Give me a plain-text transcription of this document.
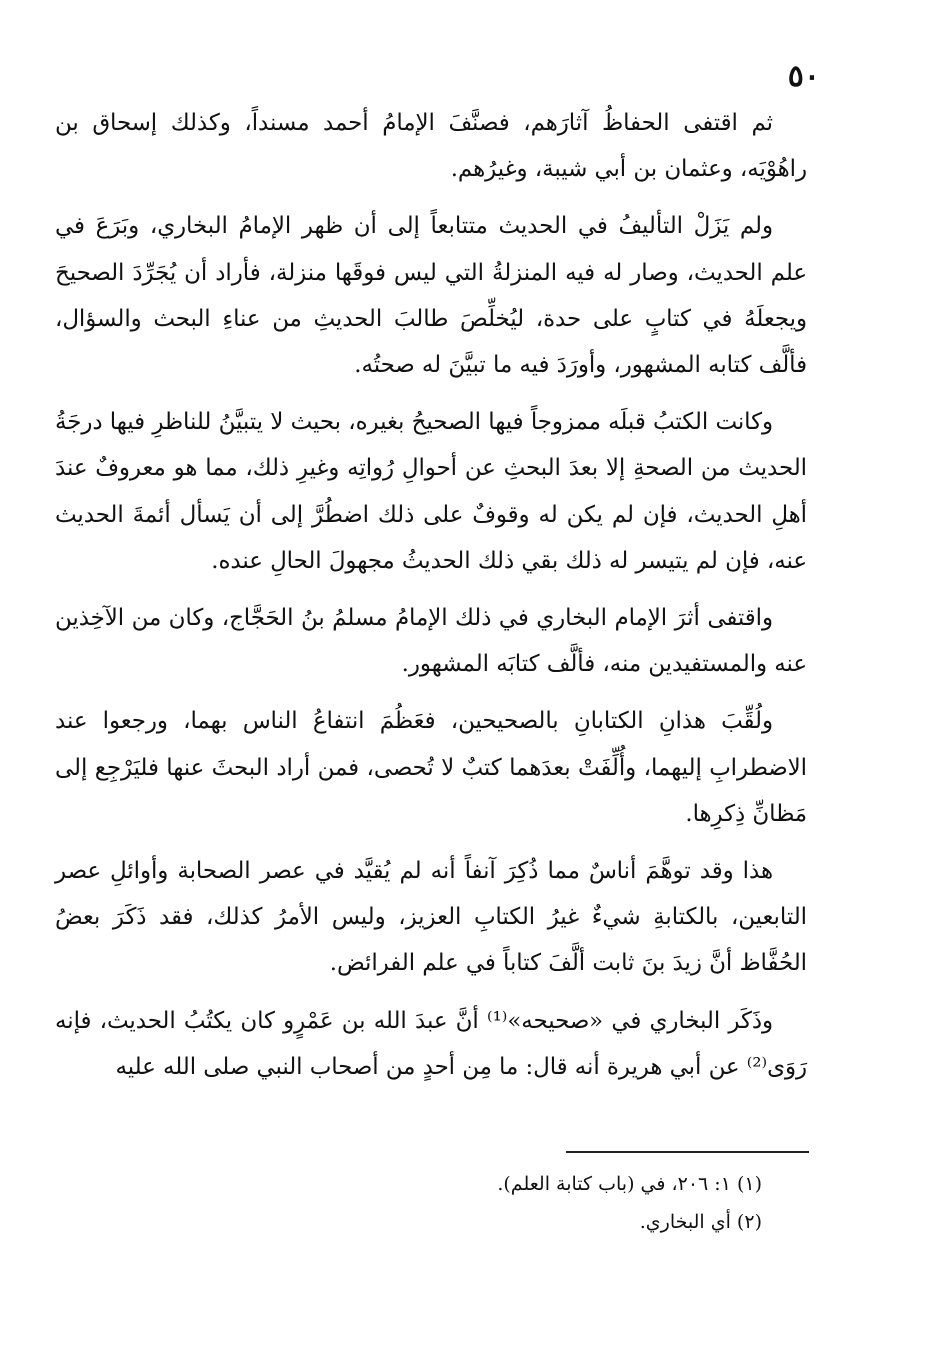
٥٠

ثم اقتفى الحفاظُ آثارَهم، فصنَّفَ الإمامُ أحمد مسنداً، وكذلك إسحاق بن راهُوْيَه، وعثمان بن أبي شيبة، وغيرُهم.

ولم يَزَلْ التأليفُ في الحديث متتابعاً إلى أن ظهر الإمامُ البخاري، وبَرَعَ في علم الحديث، وصار له فيه المنزلةُ التي ليس فوقَها منزلة، فأراد أن يُجَرِّدَ الصحيحَ ويجعلَهُ في كتابٍ على حدة، ليُخلِّصَ طالبَ الحديثِ من عناءِ البحث والسؤال، فألَّف كتابه المشهور، وأورَدَ فيه ما تبيَّنَ له صحتُه.

وكانت الكتبُ قبلَه ممزوجاً فيها الصحيحُ بغيره، بحيث لا يتبيَّنُ للناظرِ فيها درجَةُ الحديث من الصحةِ إلا بعدَ البحثِ عن أحوالِ رُواتِه وغيرِ ذلك، مما هو معروفٌ عندَ أهلِ الحديث، فإن لم يكن له وقوفٌ على ذلك اضطُرَّ إلى أن يَسأل أئمةَ الحديث عنه، فإن لم يتيسر له ذلك بقي ذلك الحديثُ مجهولَ الحالِ عنده.

واقتفى أثرَ الإمام البخاري في ذلك الإمامُ مسلمُ بنُ الحَجَّاج، وكان من الآخِذين عنه والمستفيدين منه، فألَّف كتابَه المشهور.

ولُقِّبَ هذانِ الكتابانِ بالصحيحين، فعَظُمَ انتفاعُ الناس بهما، ورجعوا عند الاضطرابِ إليهما، وأُلِّفَتْ بعدَهما كتبٌ لا تُحصى، فمن أراد البحثَ عنها فليَرْجِع إلى مَظانِّ ذِكرِها.

هذا وقد توهَّمَ أناسٌ مما ذُكِرَ آنفاً أنه لم يُقيَّد في عصر الصحابة وأوائلِ عصر التابعين، بالكتابةِ شيءٌ غيرُ الكتابِ العزيز، وليس الأمرُ كذلك، فقد ذَكَرَ بعضُ الحُفَّاظ أنَّ زيدَ بنَ ثابت ألَّفَ كتاباً في علم الفرائض.

وذَكَر البخاري في «صحيحه»⁽¹⁾ أنَّ عبدَ الله بن عَمْرٍو كان يكتُبُ الحديث، فإنه رَوَى⁽²⁾ عن أبي هريرة أنه قال: ما مِن أحدٍ من أصحاب النبي صلى الله عليه

(١) ١: ٢٠٦، في (باب كتابة العلم).

(٢) أي البخاري.
